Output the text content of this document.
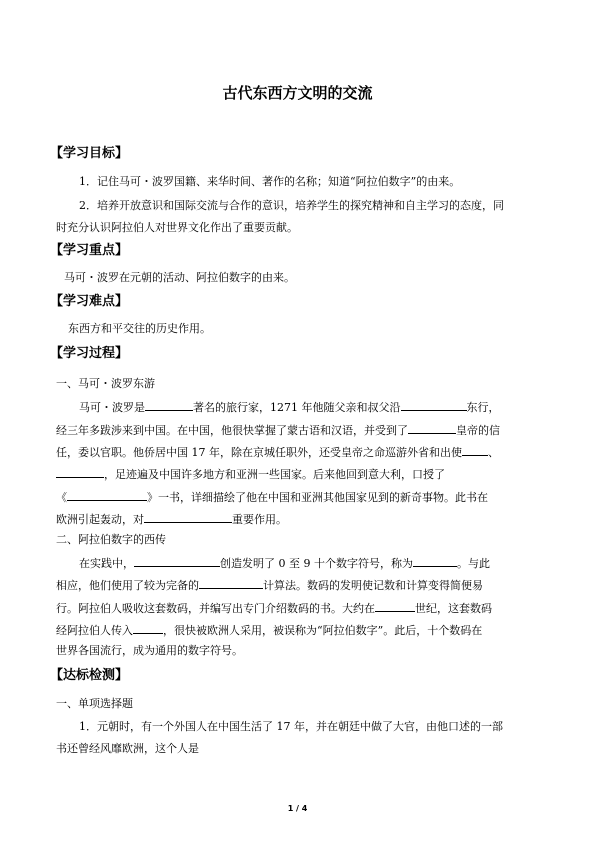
古代东西方文明的交流
【学习目标】
1．记住马可・波罗国籍、来华时间、著作的名称；知道“阿拉伯数字”的由来。
2．培养开放意识和国际交流与合作的意识，培养学生的探究精神和自主学习的态度，同
时充分认识阿拉伯人对世界文化作出了重要贡献。
【学习重点】
马可・波罗在元朝的活动、阿拉伯数字的由来。
【学习难点】
东西方和平交往的历史作用。
【学习过程】
一、马可・波罗东游
马可・波罗是	著名的旅行家，1271 年他随父亲和叔父沿	东行，
经三年多跋涉来到中国。在中国，他很快掌握了蒙古语和汉语，并受到了	皇帝的信
任，委以官职。他侨居中国 17 年，除在京城任职外，还受皇帝之命巡游外省和出使 、
，足迹遍及中国许多地方和亚洲一些国家。后来他回到意大利，口授了
《	》一书，详细描绘了他在中国和亚洲其他国家见到的新奇事物。此书在
欧洲引起轰动，对	重要作用。
二、阿拉伯数字的西传
在实践中，	创造发明了 0 至 9 十个数字符号，称为	。与此
相应，他们使用了较为完备的	计算法。数码的发明使记数和计算变得简便易
行。阿拉伯人吸收这套数码，并编写出专门介绍数码的书。大约在	世纪，这套数码
经阿拉伯人传入	，很快被欧洲人采用，被误称为“阿拉伯数字”。此后，十个数码在
世界各国流行，成为通用的数字符号。
【达标检测】
一、单项选择题
1．元朝时，有一个外国人在中国生活了 17 年，并在朝廷中做了大官，由他口述的一部
书还曾经风靡欧洲，这个人是
1 / 4
